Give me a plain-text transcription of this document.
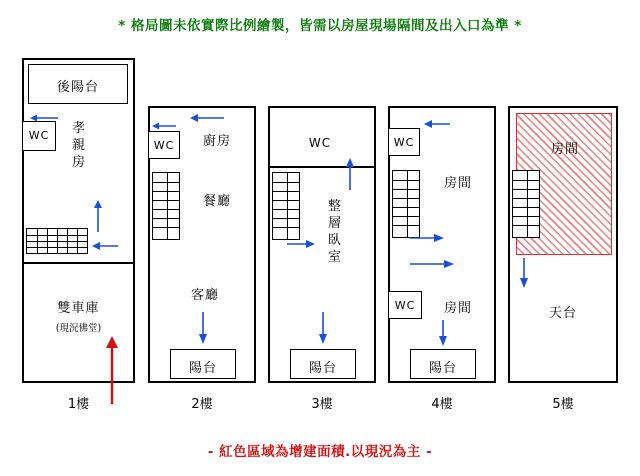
* 格局圖未依實際比例繪製，皆需以房屋現場隔間及出入口為準 *
後陽台
WC	孝
親
房
雙車庫
(現況佛堂)
1樓
WC	廚房
餐廳
客廳
陽台
2樓
WC
整
層
臥
室
陽台
3樓
WC
房間
WC	房間
陽台
4樓
房間
天台
5樓
- 紅色區域為增建面積.以現況為主 -
